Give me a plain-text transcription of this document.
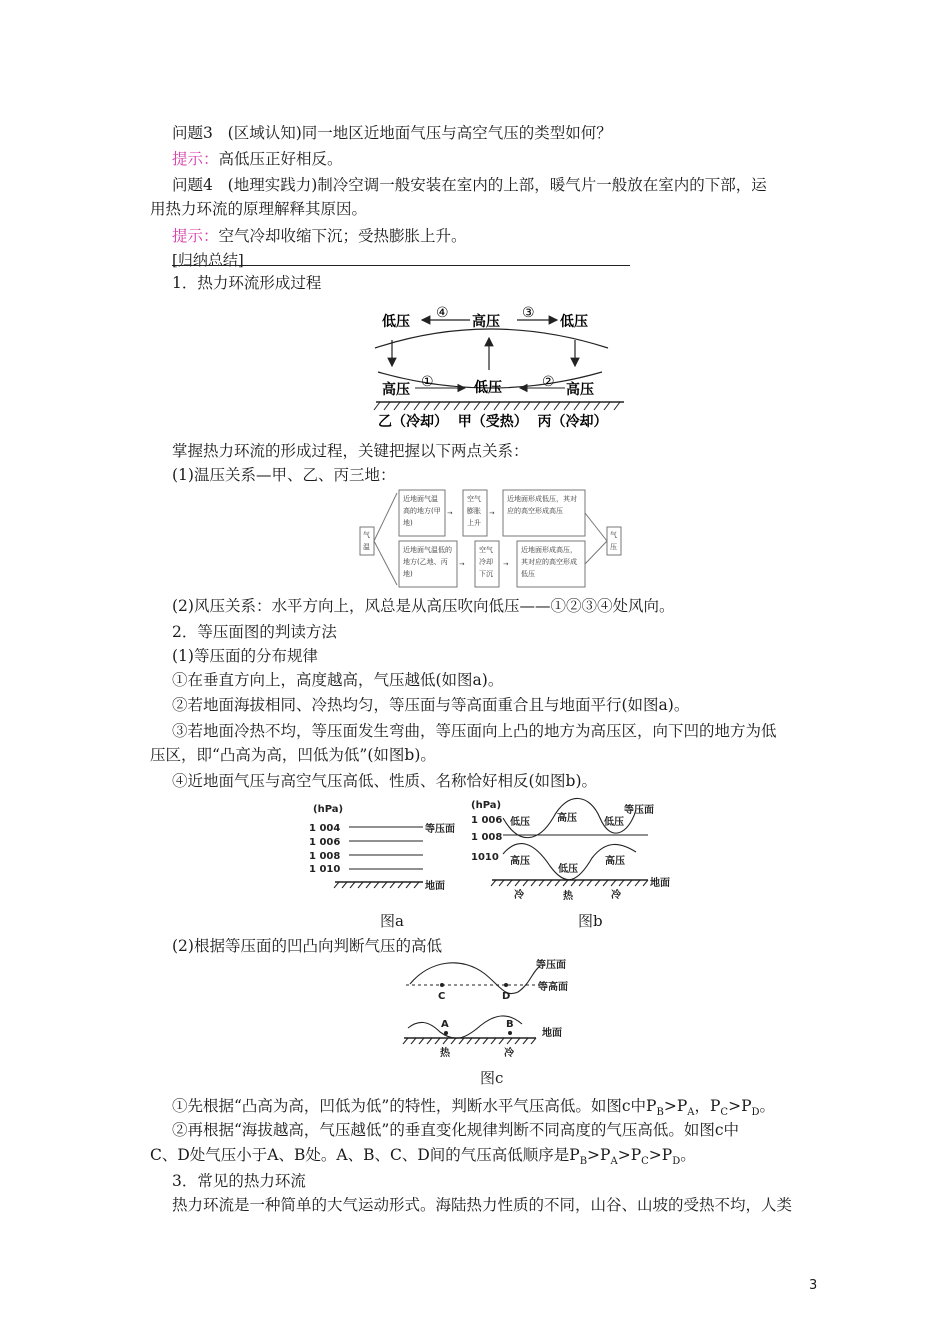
问题3 (区域认知)同一地区近地面气压与高空气压的类型如何？
提示：高低压正好相反。
问题4 (地理实践力)制冷空调一般安装在室内的上部，暖气片一般放在室内的下部，运
用热力环流的原理解释其原因。
提示：空气冷却收缩下沉；受热膨胀上升。
[归纳总结]
1．热力环流形成过程
低压	高压	低压
④	③
高压	低压	高压
①	②
乙（冷却）  甲（受热）  丙（冷却）
掌握热力环流的形成过程，关键把握以下两点关系：
(1)温压关系—甲、乙、丙三地：
→	→
→	→
气温
近地面气温高的地方(甲地)
空气膨胀上升
近地面形成低压，其对应的高空形成高压
近地面气温低的地方(乙地、丙地)
空气冷却下沉
近地面形成高压，其对应的高空形成低压
气压
(2)风压关系：水平方向上，风总是从高压吹向低压——①②③④处风向。
2．等压面图的判读方法
(1)等压面的分布规律
①在垂直方向上，高度越高，气压越低(如图a)。
②若地面海拔相同、冷热均匀，等压面与等高面重合且与地面平行(如图a)。
③若地面冷热不均，等压面发生弯曲，等压面向上凸的地方为高压区，向下凹的地方为低
压区，即“凸高为高，凹低为低”(如图b)。
④近地面气压与高空气压高低、性质、名称恰好相反(如图b)。
(hPa)
1 004
1 006
1 008
1 010
等压面
地面
图a
(hPa)
1 006
1 008
1010
等压面
低压	高压	低压
高压
低压
高压
冷	热	冷
地面
图b
(2)根据等压面的凹凸向判断气压的高低
等压面
等高面
C	D
A	B
地面
热	冷
图c
①先根据“凸高为高，凹低为低”的特性，判断水平气压高低。如图c中$P_B>P_A$，$P_C>P_D$。
②再根据“海拔越高，气压越低”的垂直变化规律判断不同高度的气压高低。如图c中
C、D处气压小于A、B处。A、B、C、D间的气压高低顺序是$P_B>P_A>P_C>P_D$。
3．常见的热力环流
热力环流是一种简单的大气运动形式。海陆热力性质的不同，山谷、山坡的受热不均，人类
3
